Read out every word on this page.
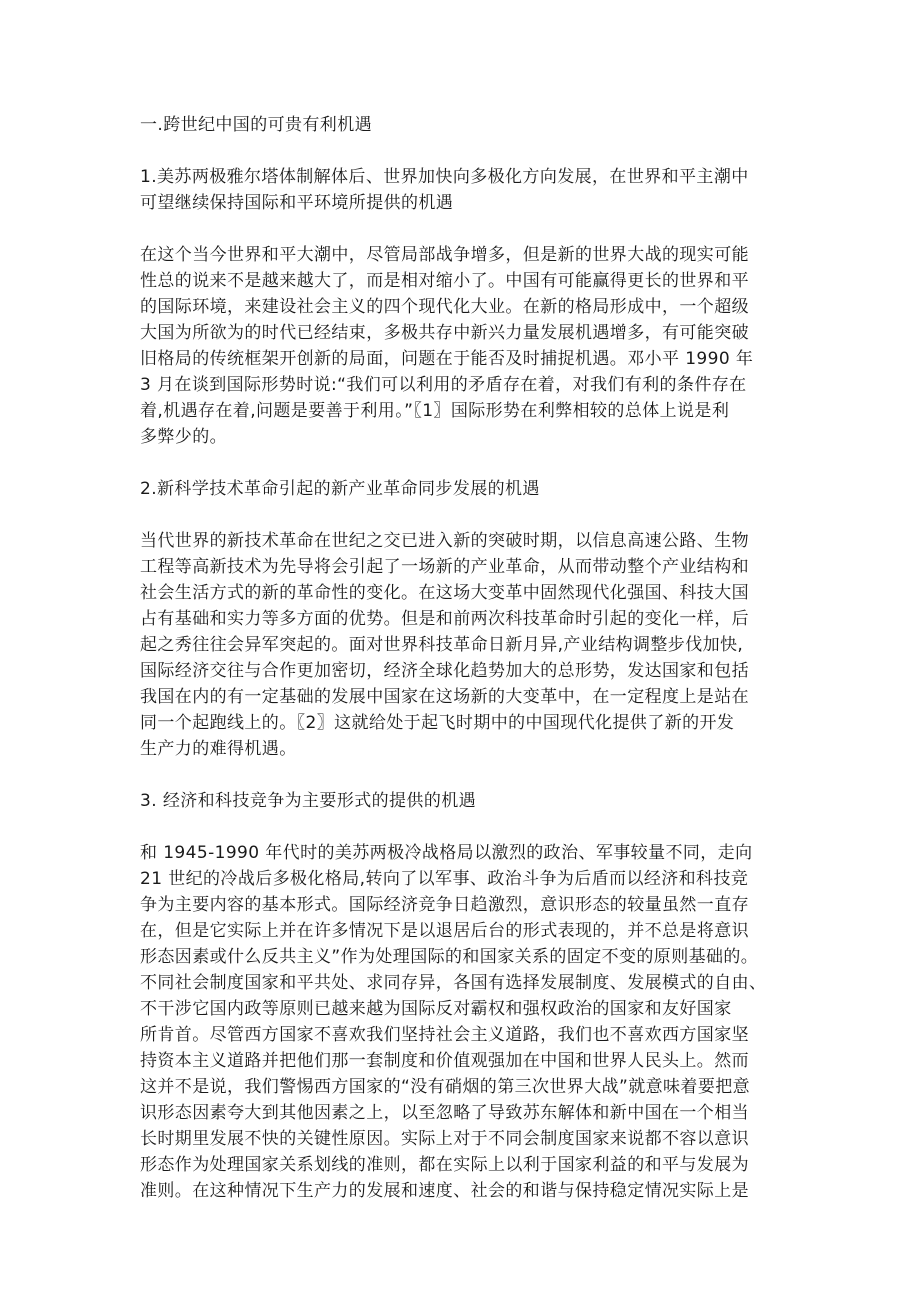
一.跨世纪中国的可贵有利机遇
1.美苏两极雅尔塔体制解体后、世界加快向多极化方向发展，在世界和平主潮中
可望继续保持国际和平环境所提供的机遇
在这个当今世界和平大潮中，尽管局部战争增多，但是新的世界大战的现实可能
性总的说来不是越来越大了，而是相对缩小了。中国有可能赢得更长的世界和平
的国际环境，来建设社会主义的四个现代化大业。在新的格局形成中，一个超级
大国为所欲为的时代已经结束，多极共存中新兴力量发展机遇增多，有可能突破
旧格局的传统框架开创新的局面，问题在于能否及时捕捉机遇。邓小平 1990 年
3 月在谈到国际形势时说:“我们可以利用的矛盾存在着，对我们有利的条件存在
着,机遇存在着,问题是要善于利用。”〖1〗国际形势在利弊相较的总体上说是利
多弊少的。
2.新科学技术革命引起的新产业革命同步发展的机遇
当代世界的新技术革命在世纪之交已进入新的突破时期，以信息高速公路、生物
工程等高新技术为先导将会引起了一场新的产业革命，从而带动整个产业结构和
社会生活方式的新的革命性的变化。在这场大变革中固然现代化强国、科技大国
占有基础和实力等多方面的优势。但是和前两次科技革命时引起的变化一样，后
起之秀往往会异军突起的。面对世界科技革命日新月异,产业结构调整步伐加快,
国际经济交往与合作更加密切，经济全球化趋势加大的总形势，发达国家和包括
我国在内的有一定基础的发展中国家在这场新的大变革中，在一定程度上是站在
同一个起跑线上的。〖2〗这就给处于起飞时期中的中国现代化提供了新的开发
生产力的难得机遇。
3. 经济和科技竞争为主要形式的提供的机遇
和 1945-1990 年代时的美苏两极冷战格局以激烈的政治、军事较量不同，走向
21 世纪的冷战后多极化格局,转向了以军事、政治斗争为后盾而以经济和科技竞
争为主要内容的基本形式。国际经济竞争日趋激烈，意识形态的较量虽然一直存
在，但是它实际上并在许多情况下是以退居后台的形式表现的，并不总是将意识
形态因素或什么反共主义”作为处理国际的和国家关系的固定不变的原则基础的。
不同社会制度国家和平共处、求同存异，各国有选择发展制度、发展模式的自由、
不干涉它国内政等原则已越来越为国际反对霸权和强权政治的国家和友好国家
所肯首。尽管西方国家不喜欢我们坚持社会主义道路，我们也不喜欢西方国家坚
持资本主义道路并把他们那一套制度和价值观强加在中国和世界人民头上。然而
这并不是说，我们警惕西方国家的“没有硝烟的第三次世界大战”就意味着要把意
识形态因素夸大到其他因素之上，以至忽略了导致苏东解体和新中国在一个相当
长时期里发展不快的关键性原因。实际上对于不同会制度国家来说都不容以意识
形态作为处理国家关系划线的准则，都在实际上以利于国家利益的和平与发展为
准则。在这种情况下生产力的发展和速度、社会的和谐与保持稳定情况实际上是
